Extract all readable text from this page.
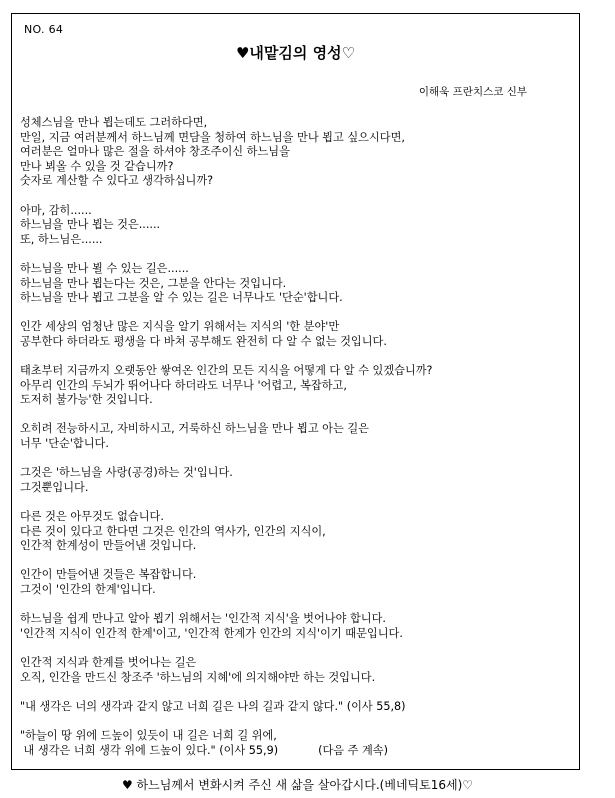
NO. 64
♥내맡김의 영성♡
이해욱 프란치스코 신부
성체스님을 만나 뵙는데도 그러하다면,
만일, 지금 여러분께서 하느님께 면담을 청하여 하느님을 만나 뵙고 싶으시다면,
여러분은 얼마나 많은 절을 하셔야 창조주이신 하느님을
만나 뵈올 수 있을 것 같습니까?
숫자로 계산할 수 있다고 생각하십니까?
아마, 감히......
하느님을 만나 뵙는 것은......
또, 하느님은......
하느님을 만나 뵐 수 있는 길은......
하느님을 만나 뵙는다는 것은, 그분을 안다는 것입니다.
하느님을 만나 뵙고 그분을 알 수 있는 길은 너무나도 '단순'합니다.
인간 세상의 엄청난 많은 지식을 알기 위해서는 지식의 '한 분야'만
공부한다 하더라도 평생을 다 바쳐 공부해도 완전히 다 알 수 없는 것입니다.
태초부터 지금까지 오랫동안 쌓여온 인간의 모든 지식을 어떻게 다 알 수 있겠습니까?
아무리 인간의 두뇌가 뛰어나다 하더라도 너무나 '어렵고, 복잡하고,
도저히 불가능'한 것입니다.
오히려 전능하시고, 자비하시고, 거룩하신 하느님을 만나 뵙고 아는 길은
너무 '단순'합니다.
그것은 '하느님을 사랑(공경)하는 것'입니다.
그것뿐입니다.
다른 것은 아무것도 없습니다.
다른 것이 있다고 한다면 그것은 인간의 역사가, 인간의 지식이,
인간적 한계성이 만들어낸 것입니다.
인간이 만들어낸 것들은 복잡합니다.
그것이 '인간의 한계'입니다.
하느님을 쉽게 만나고 알아 뵙기 위해서는 '인간적 지식'을 벗어나야 합니다.
'인간적 지식이 인간적 한계'이고, '인간적 한계가 인간의 지식'이기 때문입니다.
인간적 지식과 한계를 벗어나는 길은
오직, 인간을 만드신 창조주 '하느님의 지혜'에 의지해야만 하는 것입니다.
"내 생각은 너의 생각과 같지 않고 너희 길은 나의 길과 같지 않다." (이사 55,8)
"하늘이 땅 위에 드높이 있듯이 내 길은 너희 길 위에,
내 생각은 너희 생각 위에 드높이 있다." (이사 55,9)	(다음 주 계속)
♥ 하느님께서 변화시켜 주신 새 삶을 살아갑시다.(베네딕토16세)♡
